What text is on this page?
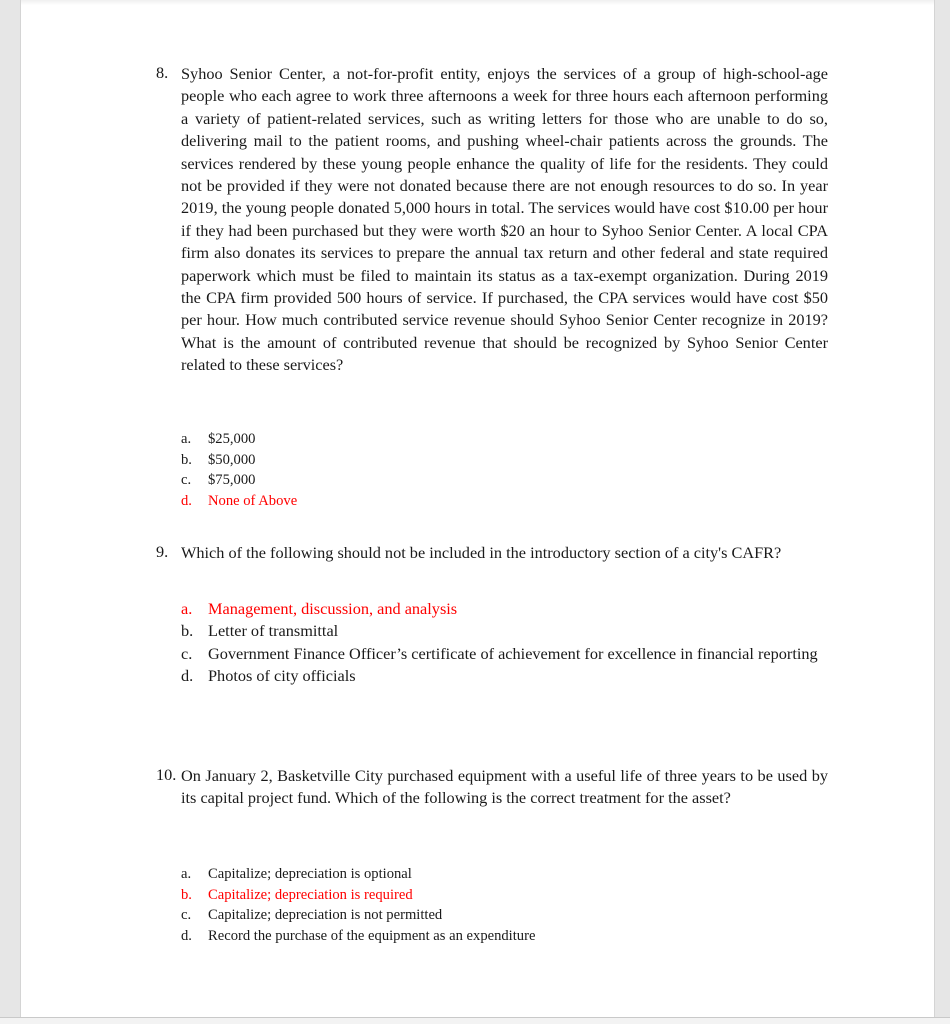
8. Syhoo Senior Center, a not-for-profit entity, enjoys the services of a group of high-school-age people who each agree to work three afternoons a week for three hours each afternoon performing a variety of patient-related services, such as writing letters for those who are unable to do so, delivering mail to the patient rooms, and pushing wheel-chair patients across the grounds. The services rendered by these young people enhance the quality of life for the residents. They could not be provided if they were not donated because there are not enough resources to do so. In year 2019, the young people donated 5,000 hours in total. The services would have cost $10.00 per hour if they had been purchased but they were worth $20 an hour to Syhoo Senior Center. A local CPA firm also donates its services to prepare the annual tax return and other federal and state required paperwork which must be filed to maintain its status as a tax-exempt organization. During 2019 the CPA firm provided 500 hours of service. If purchased, the CPA services would have cost $50 per hour. How much contributed service revenue should Syhoo Senior Center recognize in 2019? What is the amount of contributed revenue that should be recognized by Syhoo Senior Center related to these services?
a. $25,000
b. $50,000
c. $75,000
d. None of Above
9. Which of the following should not be included in the introductory section of a city's CAFR?
a. Management, discussion, and analysis
b. Letter of transmittal
c. Government Finance Officer’s certificate of achievement for excellence in financial reporting
d. Photos of city officials
10. On January 2, Basketville City purchased equipment with a useful life of three years to be used by its capital project fund. Which of the following is the correct treatment for the asset?
a. Capitalize; depreciation is optional
b. Capitalize; depreciation is required
c. Capitalize; depreciation is not permitted
d. Record the purchase of the equipment as an expenditure
